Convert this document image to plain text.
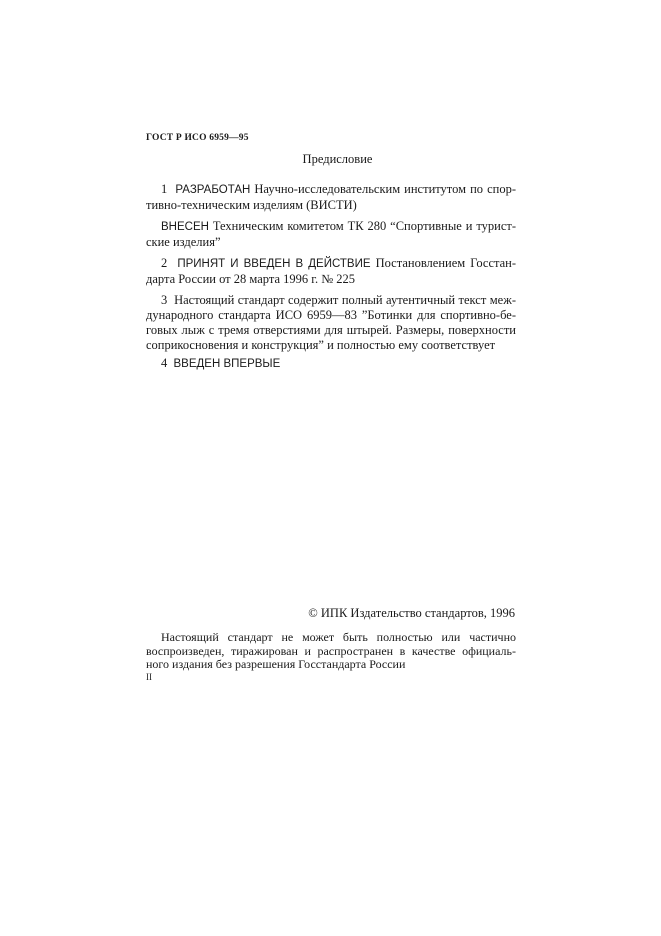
ГОСТ Р ИСО 6959—95
Предисловие
1 РАЗРАБОТАН Научно-исследовательским институтом по спор-
тивно-техническим изделиям (ВИСТИ)
ВНЕСЕН Техническим комитетом ТК 280 “Спортивные и турист-
ские изделия”
2 ПРИНЯТ И ВВЕДЕН В ДЕЙСТВИЕ Постановлением Госстан-
дарта России от 28 марта 1996 г. № 225
3 Настоящий стандарт содержит полный аутентичный текст меж-
дународного стандарта ИСО 6959—83 ”Ботинки для спортивно-бе-
говых лыж с тремя отверстиями для штырей. Размеры, поверхности
соприкосновения и конструкция” и полностью ему соответствует
4 ВВЕДЕН ВПЕРВЫЕ
© ИПК Издательство стандартов, 1996
Настоящий стандарт не может быть полностью или частично
воспроизведен, тиражирован и распространен в качестве официаль-
ного издания без разрешения Госстандарта России
II
